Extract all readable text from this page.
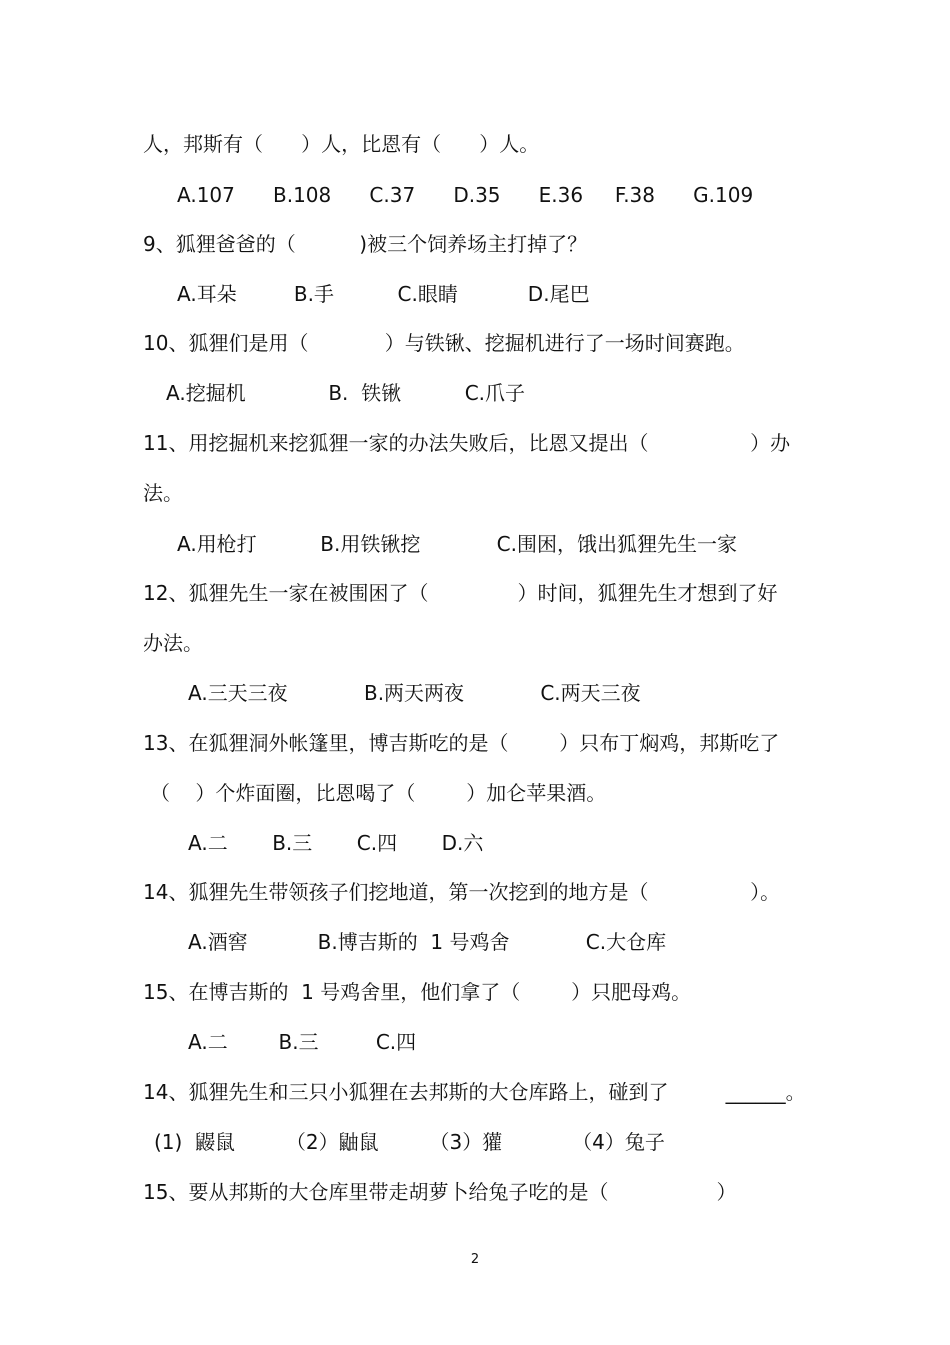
人，邦斯有（      ）人，比恩有（      ）人。
A.107      B.108      C.37      D.35      E.36     F.38      G.109
9、狐狸爸爸的（          )被三个饲养场主打掉了？
A.耳朵         B.手          C.眼睛           D.尾巴
10、狐狸们是用（            ）与铁锹、挖掘机进行了一场时间赛跑。
A.挖掘机             B.  铁锹          C.爪子
11、用挖掘机来挖狐狸一家的办法失败后，比恩又提出（                ）办
法。
A.用枪打          B.用铁锹挖            C.围困，饿出狐狸先生一家
12、狐狸先生一家在被围困了（              ）时间，狐狸先生才想到了好
办法。
A.三天三夜            B.两天两夜            C.两天三夜
13、在狐狸洞外帐篷里，博吉斯吃的是（        ）只布丁焖鸡，邦斯吃了
（    ）个炸面圈，比恩喝了（        ）加仑苹果酒。
A.二       B.三       C.四       D.六
14、狐狸先生带领孩子们挖地道，第一次挖到的地方是（                ）。
A.酒窖           B.博吉斯的  1 号鸡舍            C.大仓库
15、在博吉斯的  1 号鸡舍里，他们拿了（        ）只肥母鸡。
A.二        B.三         C.四
14、狐狸先生和三只小狐狸在去邦斯的大仓库路上，碰到了         ______。
(1)  鼹鼠        （2）鼬鼠        （3）獾           （4）兔子
15、要从邦斯的大仓库里带走胡萝卜给兔子吃的是（                 ）
2
